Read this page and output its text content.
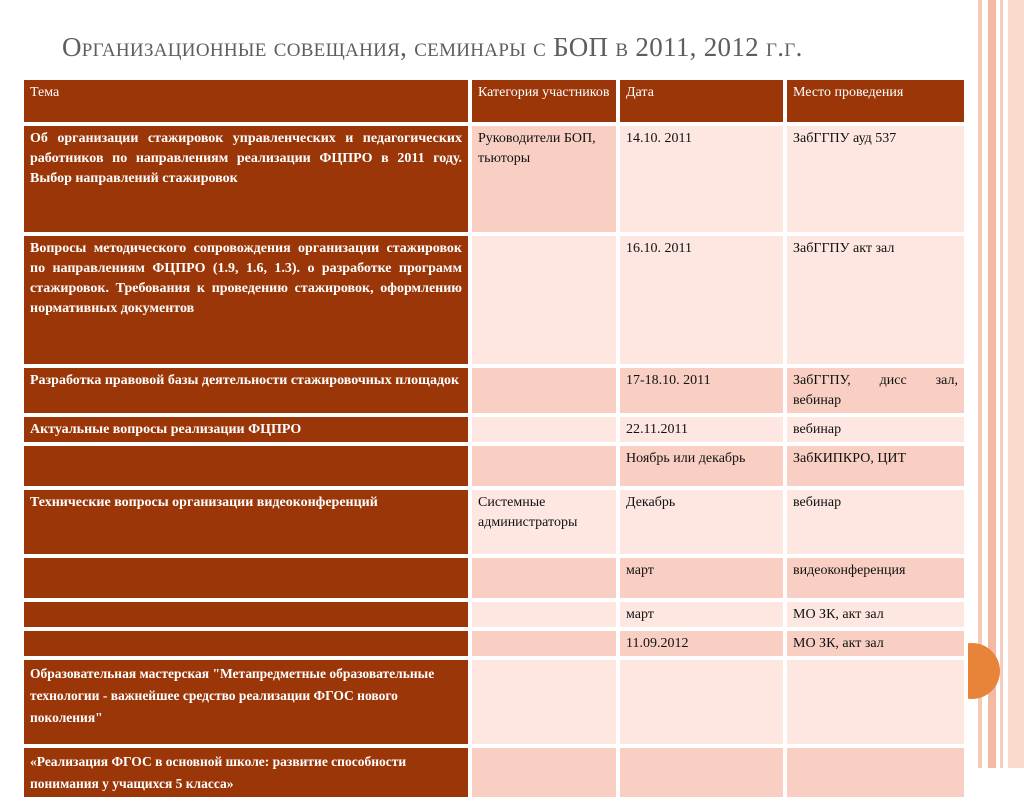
Организационные совещания, семинары с БОП в 2011, 2012 г.г.
Тема	Категория участников	Дата	Место проведения
Об организации стажировок управленческих и педагогических работников по направлениям реализации ФЦПРО в 2011 году. Выбор направлений стажировок	Руководители БОП, тьюторы	14.10. 2011	ЗабГГПУ ауд 537
Вопросы методического сопровождения организации стажировок по направлениям ФЦПРО (1.9, 1.6, 1.3). о разработке программ стажировок. Требования к проведению стажировок, оформлению нормативных документов		16.10. 2011	ЗабГГПУ акт зал
Разработка правовой базы деятельности стажировочных площадок		17-18.10. 2011	ЗабГГПУ, дисс зал, вебинар
Актуальные вопросы реализации ФЦПРО		22.11.2011	вебинар
		Ноябрь или декабрь	ЗабКИПКРО, ЦИТ
Технические вопросы организации видеоконференций	Системные администраторы	Декабрь	вебинар
		март	видеоконференция
		март	МО ЗК, акт зал
		11.09.2012	МО ЗК, акт зал
Образовательная мастерская "Метапредметные образовательные технологии - важнейшее средство реализации ФГОС нового поколения"			
«Реализация ФГОС в основной школе: развитие способности понимания у учащихся 5 класса»			
